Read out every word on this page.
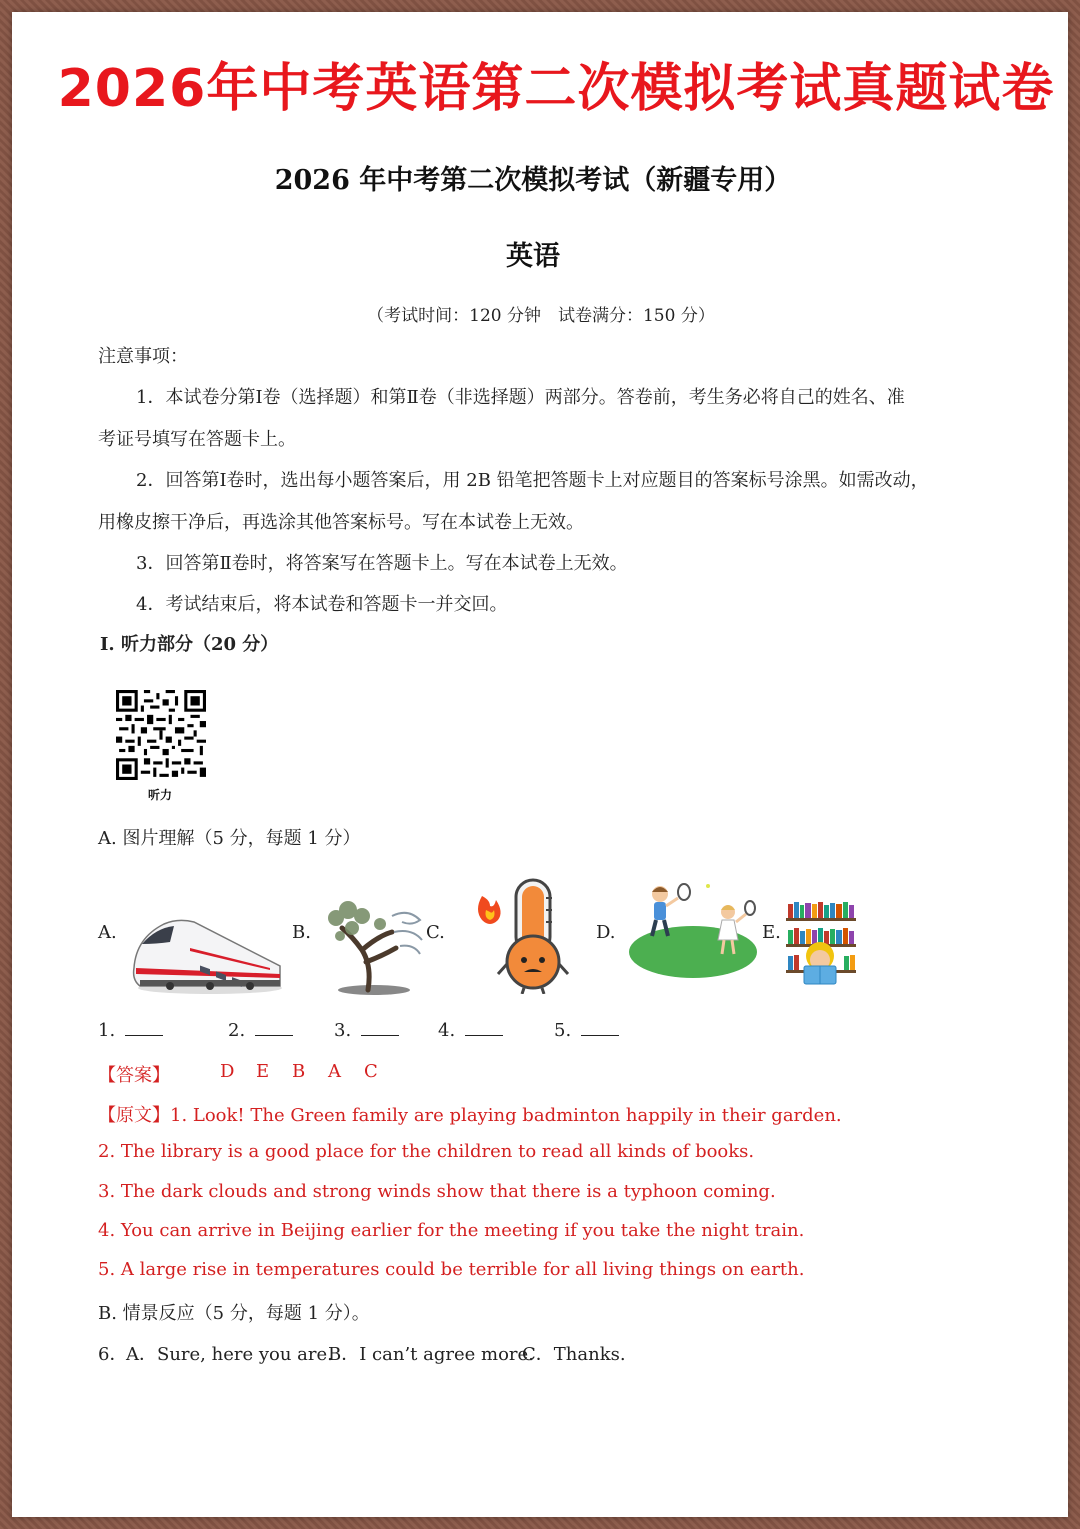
2026年中考英语第二次模拟考试真题试卷
2026 年中考第二次模拟考试（新疆专用）
英语
（考试时间：120 分钟　试卷满分：150 分）
注意事项：
1．本试卷分第Ⅰ卷（选择题）和第Ⅱ卷（非选择题）两部分。答卷前，考生务必将自己的姓名、准
考证号填写在答题卡上。
2．回答第Ⅰ卷时，选出每小题答案后，用 2B 铅笔把答题卡上对应题目的答案标号涂黑。如需改动，
用橡皮擦干净后，再选涂其他答案标号。写在本试卷上无效。
3．回答第Ⅱ卷时，将答案写在答题卡上。写在本试卷上无效。
4．考试结束后，将本试卷和答题卡一并交回。
Ⅰ. 听力部分（20 分）
听力
A. 图片理解（5 分，每题 1 分）
A.	B.	C.	D.	E.
1.	2.	3.	4.	5.
【答案】	D E B A C
【原文】1. Look! The Green family are playing badminton happily in their garden.
2. The library is a good place for the children to read all kinds of books.
3. The dark clouds and strong winds show that there is a typhoon coming.
4. You can arrive in Beijing earlier for the meeting if you take the night train.
5. A large rise in temperatures could be terrible for all living things on earth.
B. 情景反应（5 分，每题 1 分）。
6．
A．Sure, here you are.
B．I can’t agree more.
C．Thanks.
